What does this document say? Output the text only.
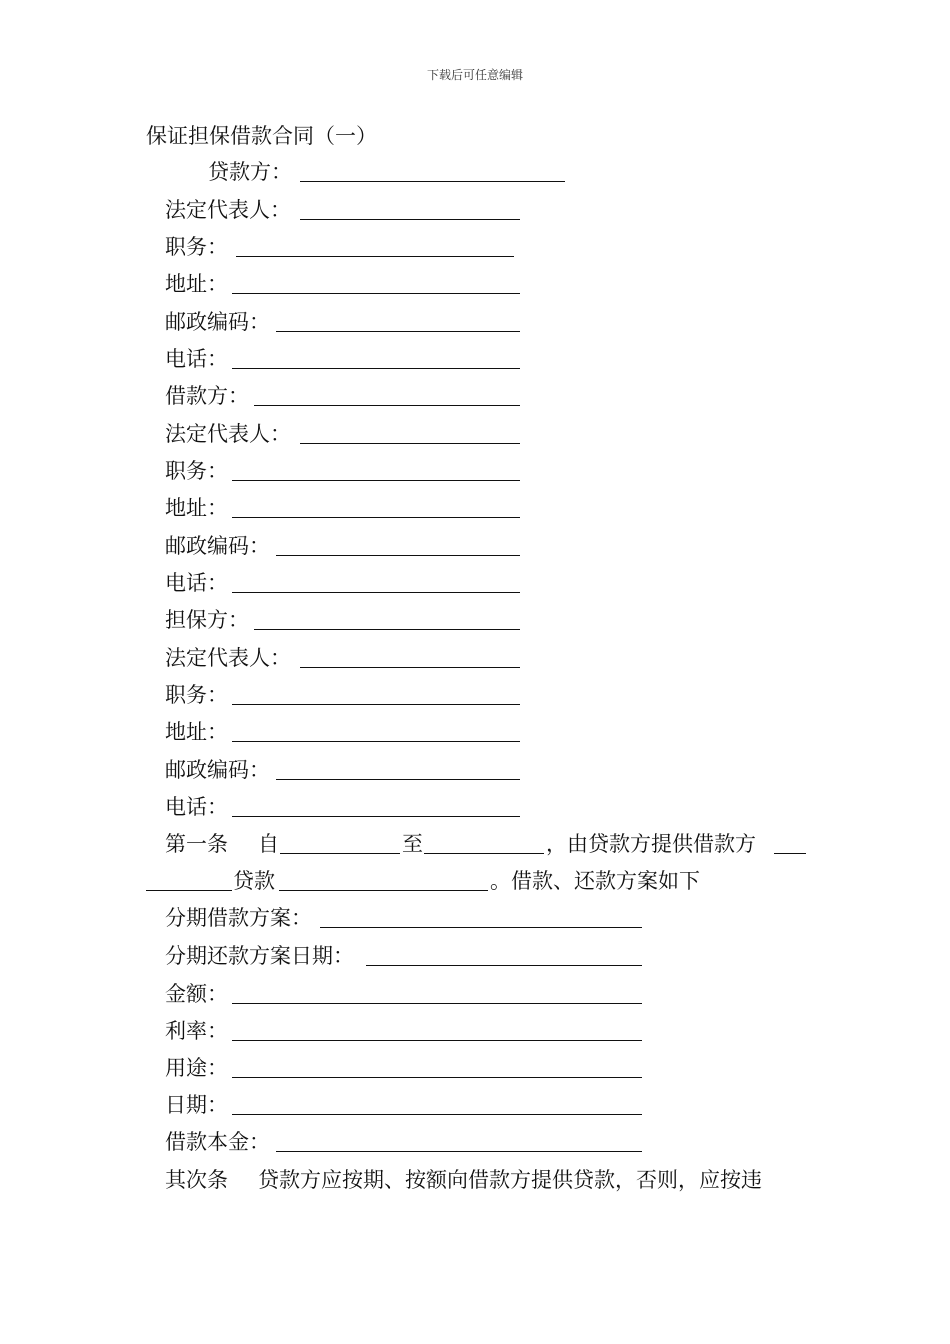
下载后可任意编辑
保证担保借款合同（一）
贷款方：
法定代表人：
职务：
地址：
邮政编码：
电话：
借款方：
法定代表人：
职务：
地址：
邮政编码：
电话：
担保方：
法定代表人：
职务：
地址：
邮政编码：
电话：
第一条 自	至	，由贷款方提供借款方
贷款	。借款、还款方案如下
分期借款方案：
分期还款方案日期：
金额：
利率：
用途：
日期：
借款本金：
其次条 贷款方应按期、按额向借款方提供贷款，否则，应按违
